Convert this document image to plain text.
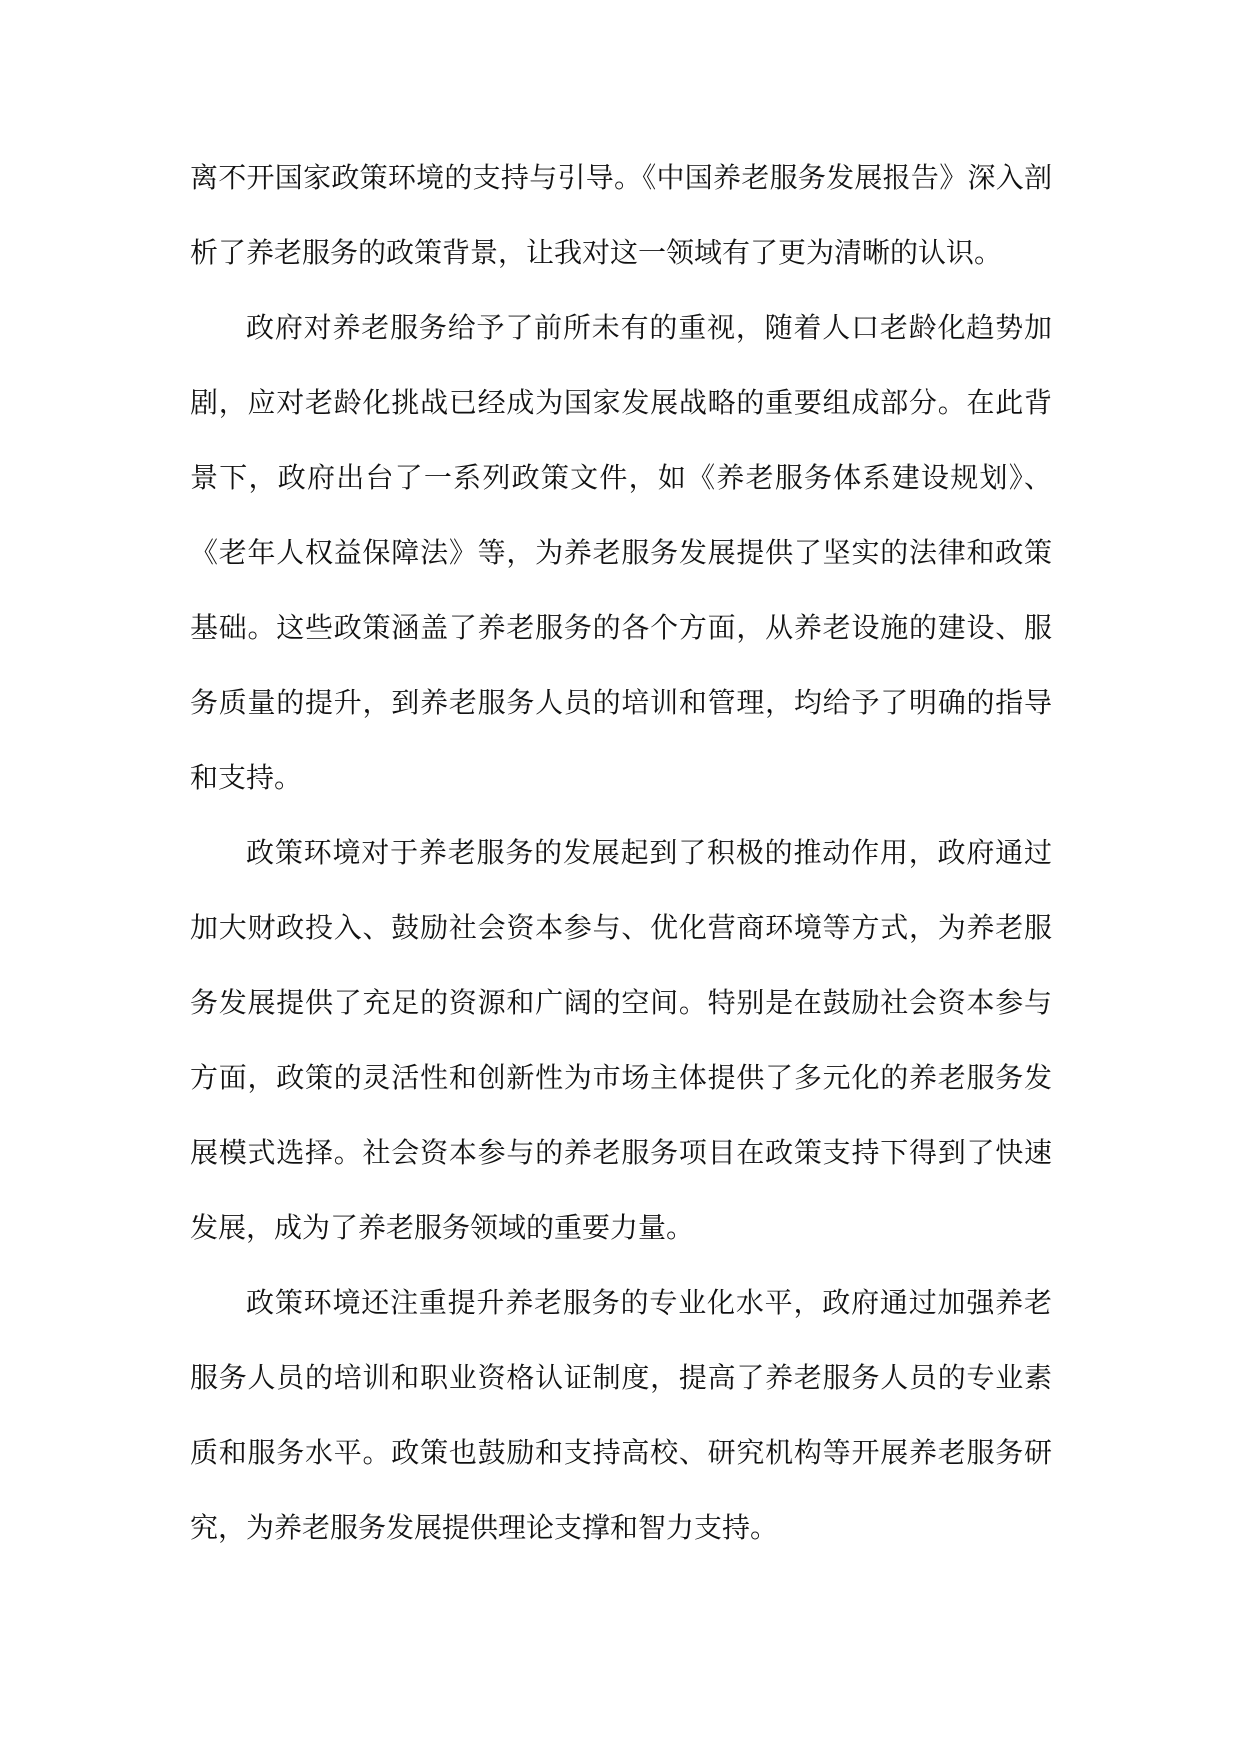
离不开国家政策环境的支持与引导。《中国养老服务发展报告》深入剖析了养老服务的政策背景，让我对这一领域有了更为清晰的认识。

政府对养老服务给予了前所未有的重视，随着人口老龄化趋势加剧，应对老龄化挑战已经成为国家发展战略的重要组成部分。在此背景下，政府出台了一系列政策文件，如《养老服务体系建设规划》、《老年人权益保障法》等，为养老服务发展提供了坚实的法律和政策基础。这些政策涵盖了养老服务的各个方面，从养老设施的建设、服务质量的提升，到养老服务人员的培训和管理，均给予了明确的指导和支持。

政策环境对于养老服务的发展起到了积极的推动作用，政府通过加大财政投入、鼓励社会资本参与、优化营商环境等方式，为养老服务发展提供了充足的资源和广阔的空间。特别是在鼓励社会资本参与方面，政策的灵活性和创新性为市场主体提供了多元化的养老服务发展模式选择。社会资本参与的养老服务项目在政策支持下得到了快速发展，成为了养老服务领域的重要力量。

政策环境还注重提升养老服务的专业化水平，政府通过加强养老服务人员的培训和职业资格认证制度，提高了养老服务人员的专业素质和服务水平。政策也鼓励和支持高校、研究机构等开展养老服务研究，为养老服务发展提供理论支撑和智力支持。
